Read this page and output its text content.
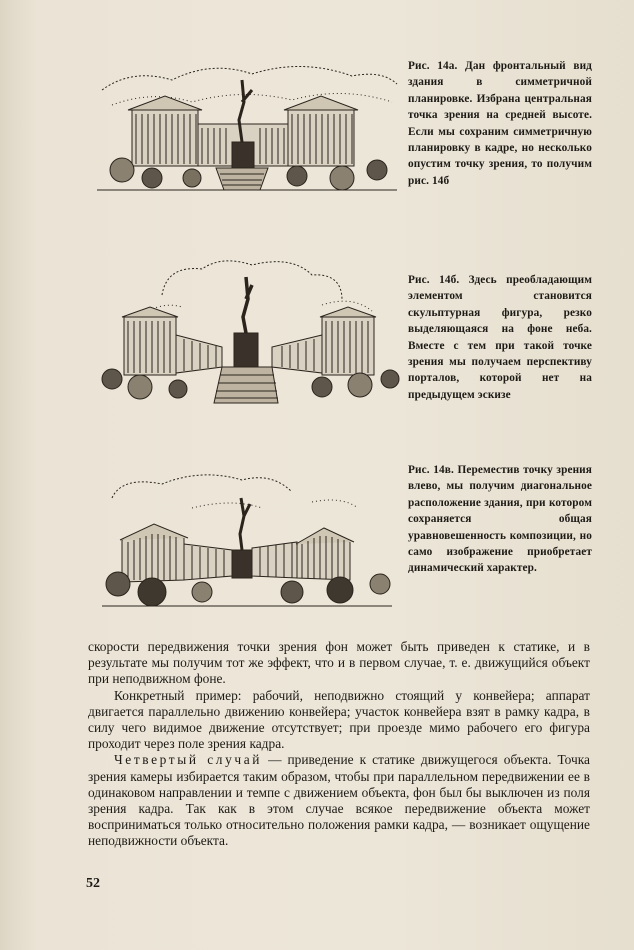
Рис. 14а. Дан фронтальный вид здания в симметричной планировке. Избрана центральная точка зрения на средней высоте. Если мы сохраним симметричную планировку в кадре, но несколько опустим точку зрения, то получим рис. 14б
Рис. 14б. Здесь преобладающим элементом становится скульптурная фигура, резко выделяющаяся на фоне неба. Вместе с тем при такой точке зрения мы получаем перспективу порталов, которой нет на предыдущем эскизе
Рис. 14в. Переместив точку зрения влево, мы получим диагональное расположение здания, при котором сохраняется общая уравновешенность композиции, но само изображение приобретает динамический характер.

скорости передвижения точки зрения фон может быть приведен к статике, и в результате мы получим тот же эффект, что и в первом случае, т. е. движущийся объект при неподвижном фоне.

Конкретный пример: рабочий, неподвижно стоящий у конвейера; аппарат двигается параллельно движению конвейера; участок конвейера взят в рамку кадра, в силу чего видимое движение отсутствует; при проезде мимо рабочего его фигура проходит через поле зрения кадра.

Четвертый случай — приведение к статике движущегося объекта. Точка зрения камеры избирается таким образом, чтобы при параллельном передвижении ее в одинаковом направлении и темпе с движением объекта, фон был бы выключен из поля зрения кадра. Так как в этом случае всякое передвижение объекта может восприниматься только относительно положения рамки кадра, — возникает ощущение неподвижности объекта.

52
